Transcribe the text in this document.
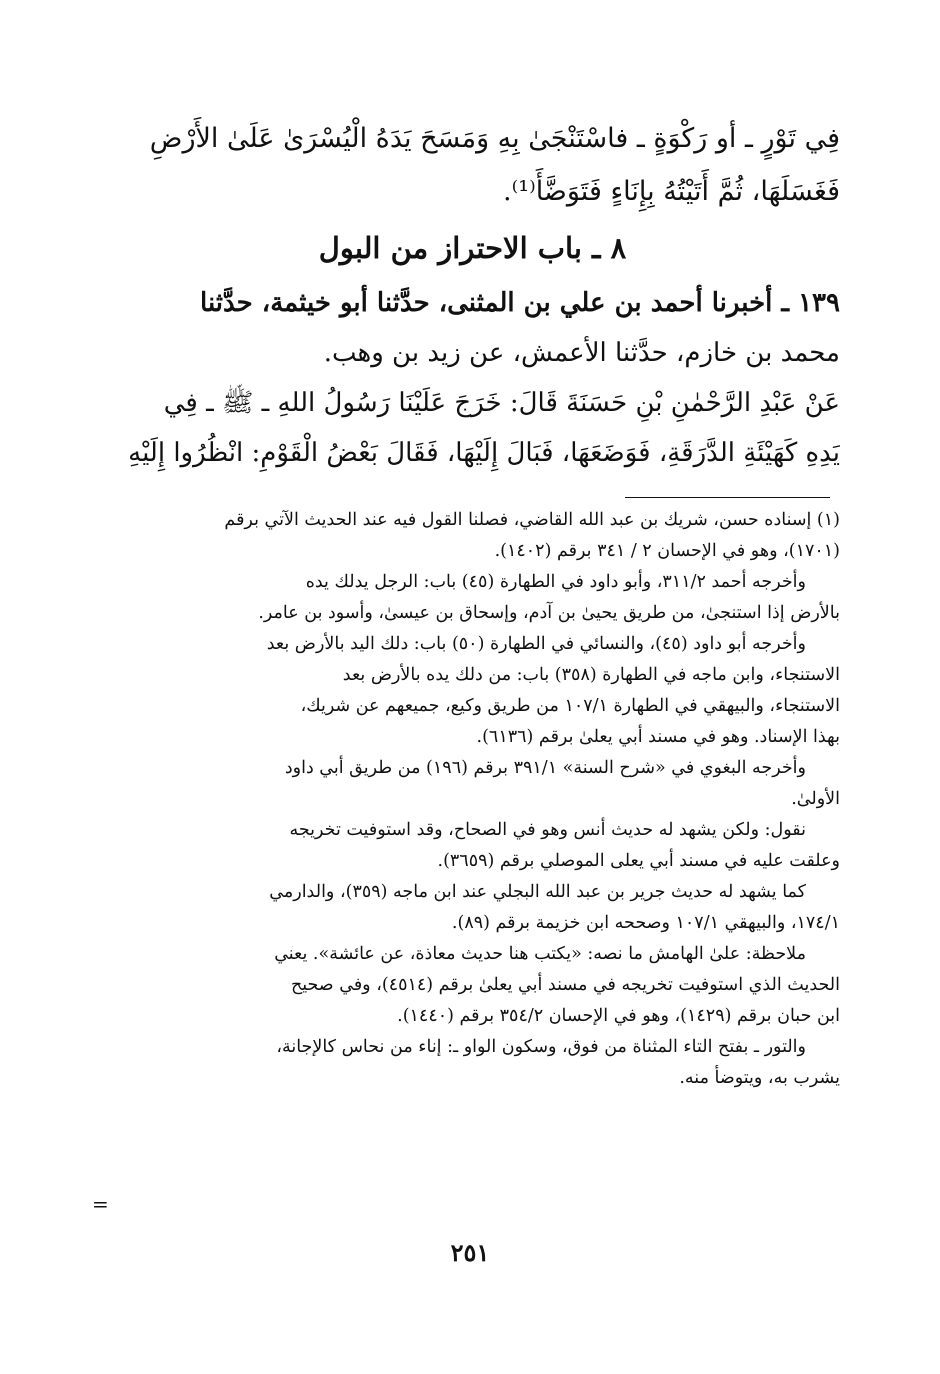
فِي تَوْرٍ ـ أو رَكْوَةٍ ـ فاسْتَنْجَىٰ بِهِ وَمَسَحَ يَدَهُ الْيُسْرَىٰ عَلَىٰ الأَرْضِ
فَغَسَلَهَا، ثُمَّ أَتَيْتُهُ بِإِنَاءٍ فَتَوَضَّأَ⁽¹⁾.
٨ ـ باب الاحتراز من البول
١٣٩ ـ أخبرنا أحمد بن علي بن المثنى، حدَّثنا أبو خيثمة، حدَّثنا
محمد بن خازم، حدَّثنا الأعمش، عن زيد بن وهب.
عَنْ عَبْدِ الرَّحْمٰنِ بْنِ حَسَنَةَ قَالَ: خَرَجَ عَلَيْنَا رَسُولُ اللهِ ـ ﷺ ـ فِي
يَدِهِ كَهَيْئَةِ الدَّرَقَةِ، فَوَضَعَهَا، فَبَالَ إِلَيْهَا، فَقَالَ بَعْضُ الْقَوْمِ: انْظُرُوا إِلَيْهِ
(١) إسناده حسن، شريك بن عبد الله القاضي، فصلنا القول فيه عند الحديث الآتي برقم
(١٧٠١)، وهو في الإحسان ٢ / ٣٤١ برقم (١٤٠٢).
وأخرجه أحمد ٣١١/٢، وأبو داود في الطهارة (٤٥) باب: الرجل يدلك يده
بالأرض إذا استنجىٰ، من طريق يحيىٰ بن آدم، وإسحاق بن عيسىٰ، وأسود بن عامر.
وأخرجه أبو داود (٤٥)، والنسائي في الطهارة (٥٠) باب: دلك اليد بالأرض بعد
الاستنجاء، وابن ماجه في الطهارة (٣٥٨) باب: من دلك يده بالأرض بعد
الاستنجاء، والبيهقي في الطهارة ١٠٧/١ من طريق وكيع، جميعهم عن شريك،
بهذا الإسناد. وهو في مسند أبي يعلىٰ برقم (٦١٣٦).
وأخرجه البغوي في «شرح السنة» ٣٩١/١ برقم (١٩٦) من طريق أبي داود
الأولىٰ.
نقول: ولكن يشهد له حديث أنس وهو في الصحاح، وقد استوفيت تخريجه
وعلقت عليه في مسند أبي يعلى الموصلي برقم (٣٦٥٩).
كما يشهد له حديث جرير بن عبد الله البجلي عند ابن ماجه (٣٥٩)، والدارمي
١٧٤/١، والبيهقي ١٠٧/١ وصححه ابن خزيمة برقم (٨٩).
ملاحظة: علىٰ الهامش ما نصه: «يكتب هنا حديث معاذة، عن عائشة». يعني
الحديث الذي استوفيت تخريجه في مسند أبي يعلىٰ برقم (٤٥١٤)، وفي صحيح
ابن حبان برقم (١٤٢٩)، وهو في الإحسان ٣٥٤/٢ برقم (١٤٤٠).
والتور ـ بفتح التاء المثناة من فوق، وسكون الواو ـ: إناء من نحاس كالإجانة،
يشرب به، ويتوضأ منه.
=
٢٥١
